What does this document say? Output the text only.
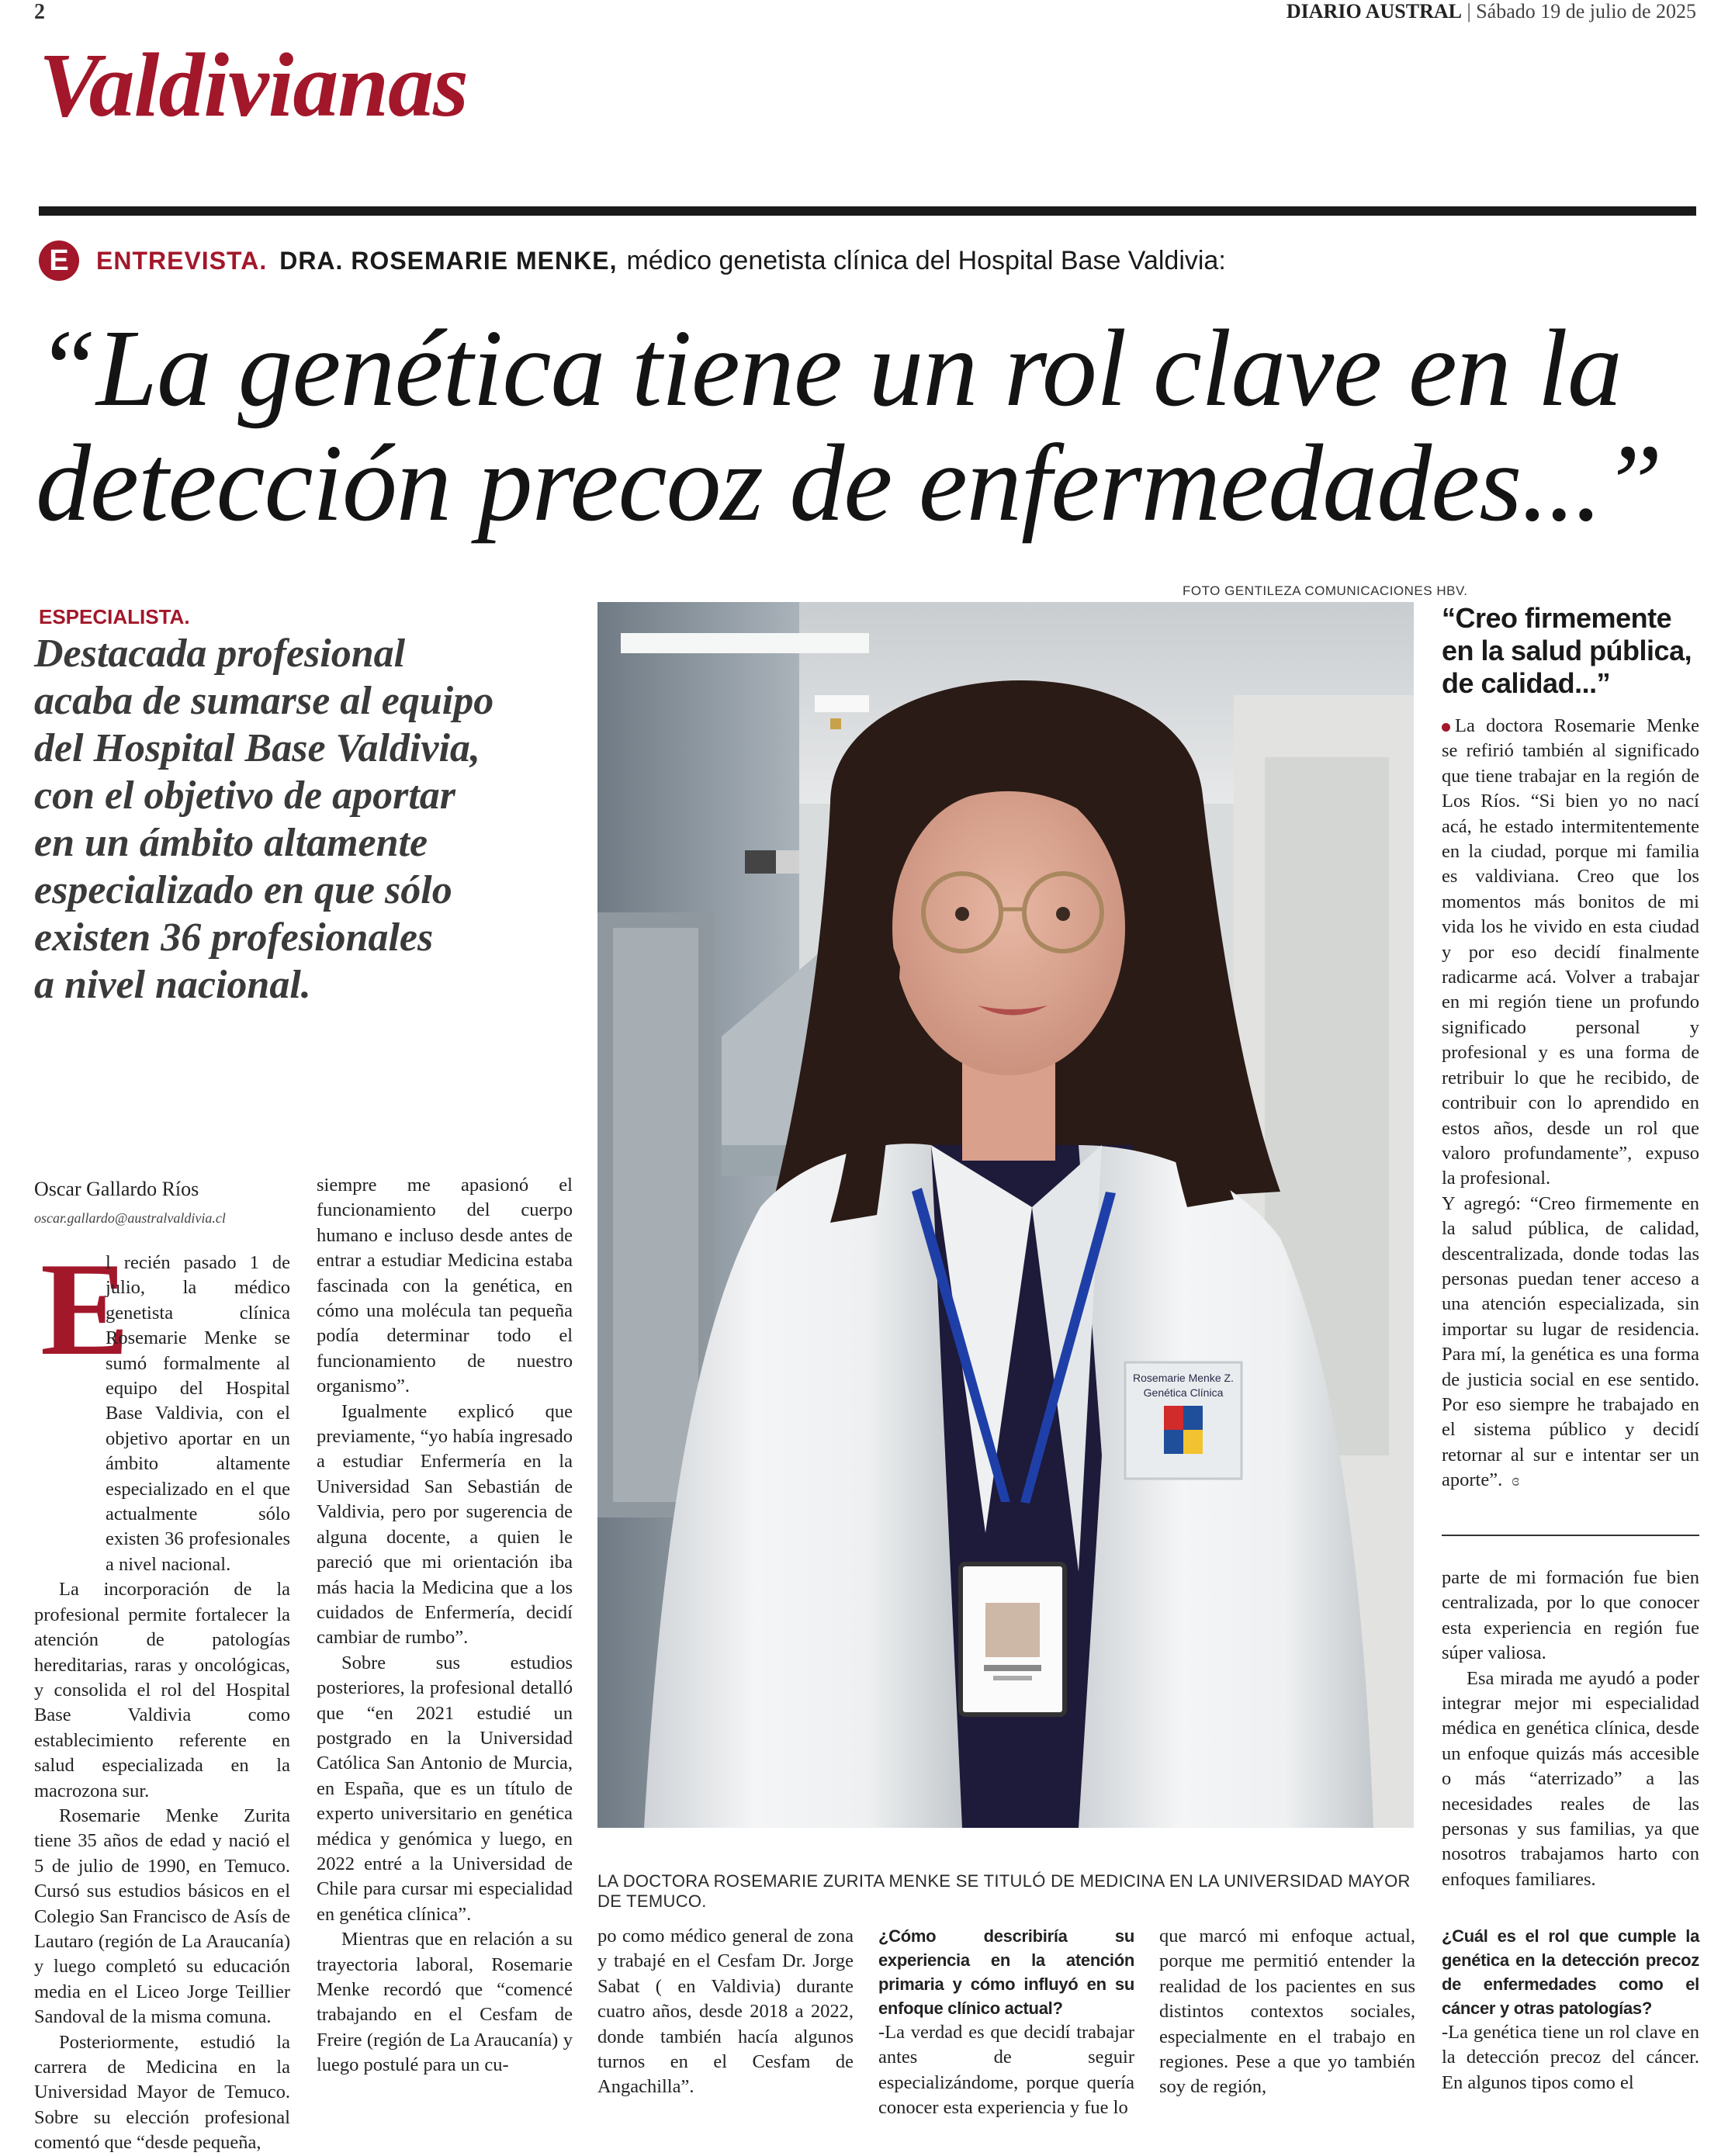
2	DIARIO AUSTRAL | Sábado 19 de julio de 2025
Valdivianas
E	ENTREVISTA. DRA. ROSEMARIE MENKE, médico genetista clínica del Hospital Base Valdivia:
“La genética tiene un rol clave en la
detección precoz de enfermedades...”
ESPECIALISTA.
Destacada profesional
acaba de sumarse al equipo
del Hospital Base Valdivia,
con el objetivo de aportar
en un ámbito altamente
especializado en que sólo
existen 36 profesionales
a nivel nacional.
FOTO GENTILEZA COMUNICACIONES HBV.
Rosemarie Menke Z.
Genética Clínica
LA DOCTORA ROSEMARIE ZURITA MENKE SE TITULÓ DE MEDICINA EN LA UNIVERSIDAD MAYOR DE TEMUCO.
Oscar Gallardo Ríos
oscar.gallardo@australvaldivia.cl
E

l recién pasado 1 de julio, la médico genetista clínica Rosemarie Menke se sumó formalmente al equipo del Hospital Base Valdivia, con el objetivo aportar en un ámbito altamente especializado en el que actualmente sólo existen 36 profesionales a nivel nacional.

La incorporación de la profesional permite fortalecer la atención de patologías hereditarias, raras y oncológicas, y consolida el rol del Hospital Base Valdivia como establecimiento referente en salud especializada en la macrozona sur.

Rosemarie Menke Zurita tiene 35 años de edad y nació el 5 de julio de 1990, en Temuco. Cursó sus estudios básicos en el Colegio San Francisco de Asís de Lautaro (región de La Araucanía) y luego completó su educación media en el Liceo Jorge Teillier Sandoval de la misma comuna.

Posteriormente, estudió la carrera de Medicina en la Universidad Mayor de Temuco. Sobre su elección profesional comentó que “desde pequeña,

siempre me apasionó el funcionamiento del cuerpo humano e incluso desde antes de entrar a estudiar Medicina estaba fascinada con la genética, en cómo una molécula tan pequeña podía determinar todo el funcionamiento de nuestro organismo”.

Igualmente explicó que previamente, “yo había ingresado a estudiar Enfermería en la Universidad San Sebastián de Valdivia, pero por sugerencia de alguna docente, a quien le pareció que mi orientación iba más hacia la Medicina que a los cuidados de Enfermería, decidí cambiar de rumbo”.

Sobre sus estudios posteriores, la profesional detalló que “en 2021 estudié un postgrado en la Universidad Católica San Antonio de Murcia, en España, que es un título de experto universitario en genética médica y genómica y luego, en 2022 entré a la Universidad de Chile para cursar mi especialidad en genética clínica”.

Mientras que en relación a su trayectoria laboral, Rosemarie Menke recordó que “comencé trabajando en el Cesfam de Freire (región de La Araucanía) y luego postulé para un cu-

po como médico general de zona y trabajé en el Cesfam Dr. Jorge Sabat ( en Valdivia) durante cuatro años, desde 2018 a 2022, donde también hacía algunos turnos en el Cesfam de Angachilla”.

¿Cómo describiría su experiencia en la atención primaria y cómo influyó en su enfoque clínico actual?

-La verdad es que decidí trabajar antes de seguir especializándome, porque quería conocer esta experiencia y fue lo

que marcó mi enfoque actual, porque me permitió entender la realidad de los pacientes en sus distintos contextos sociales, especialmente en el trabajo en regiones. Pese a que yo también soy de región,

parte de mi formación fue bien centralizada, por lo que conocer esta experiencia en región fue súper valiosa.

Esa mirada me ayudó a poder integrar mejor mi especialidad médica en genética clínica, desde un enfoque quizás más accesible o más “aterrizado” a las necesidades reales de las personas y sus familias, ya que nosotros trabajamos harto con enfoques familiares.

¿Cuál es el rol que cumple la genética en la detección precoz de enfermedades como el cáncer y otras patologías?

-La genética tiene un rol clave en la detección precoz del cáncer. En algunos tipos como el

“Creo firmemente en la salud pública, de calidad...”

La doctora Rosemarie Menke se refirió también al significado que tiene trabajar en la región de Los Ríos. “Si bien yo no nací acá, he estado intermitentemente en la ciudad, porque mi familia es valdiviana. Creo que los momentos más bonitos de mi vida los he vivido en esta ciudad y por eso decidí finalmente radicarme acá. Volver a trabajar en mi región tiene un profundo significado personal y profesional y es una forma de retribuir lo que he recibido, de contribuir con lo aprendido en estos años, desde un rol que valoro profundamente”, expuso la profesional.

Y agregó: “Creo firmemente en la salud pública, de calidad, descentralizada, donde todas las personas puedan tener acceso a una atención especializada, sin importar su lugar de residencia. Para mí, la genética es una forma de justicia social en ese sentido. Por eso siempre he trabajado en el sistema público y decidí retornar al sur e intentar ser un aporte”. ɞ
